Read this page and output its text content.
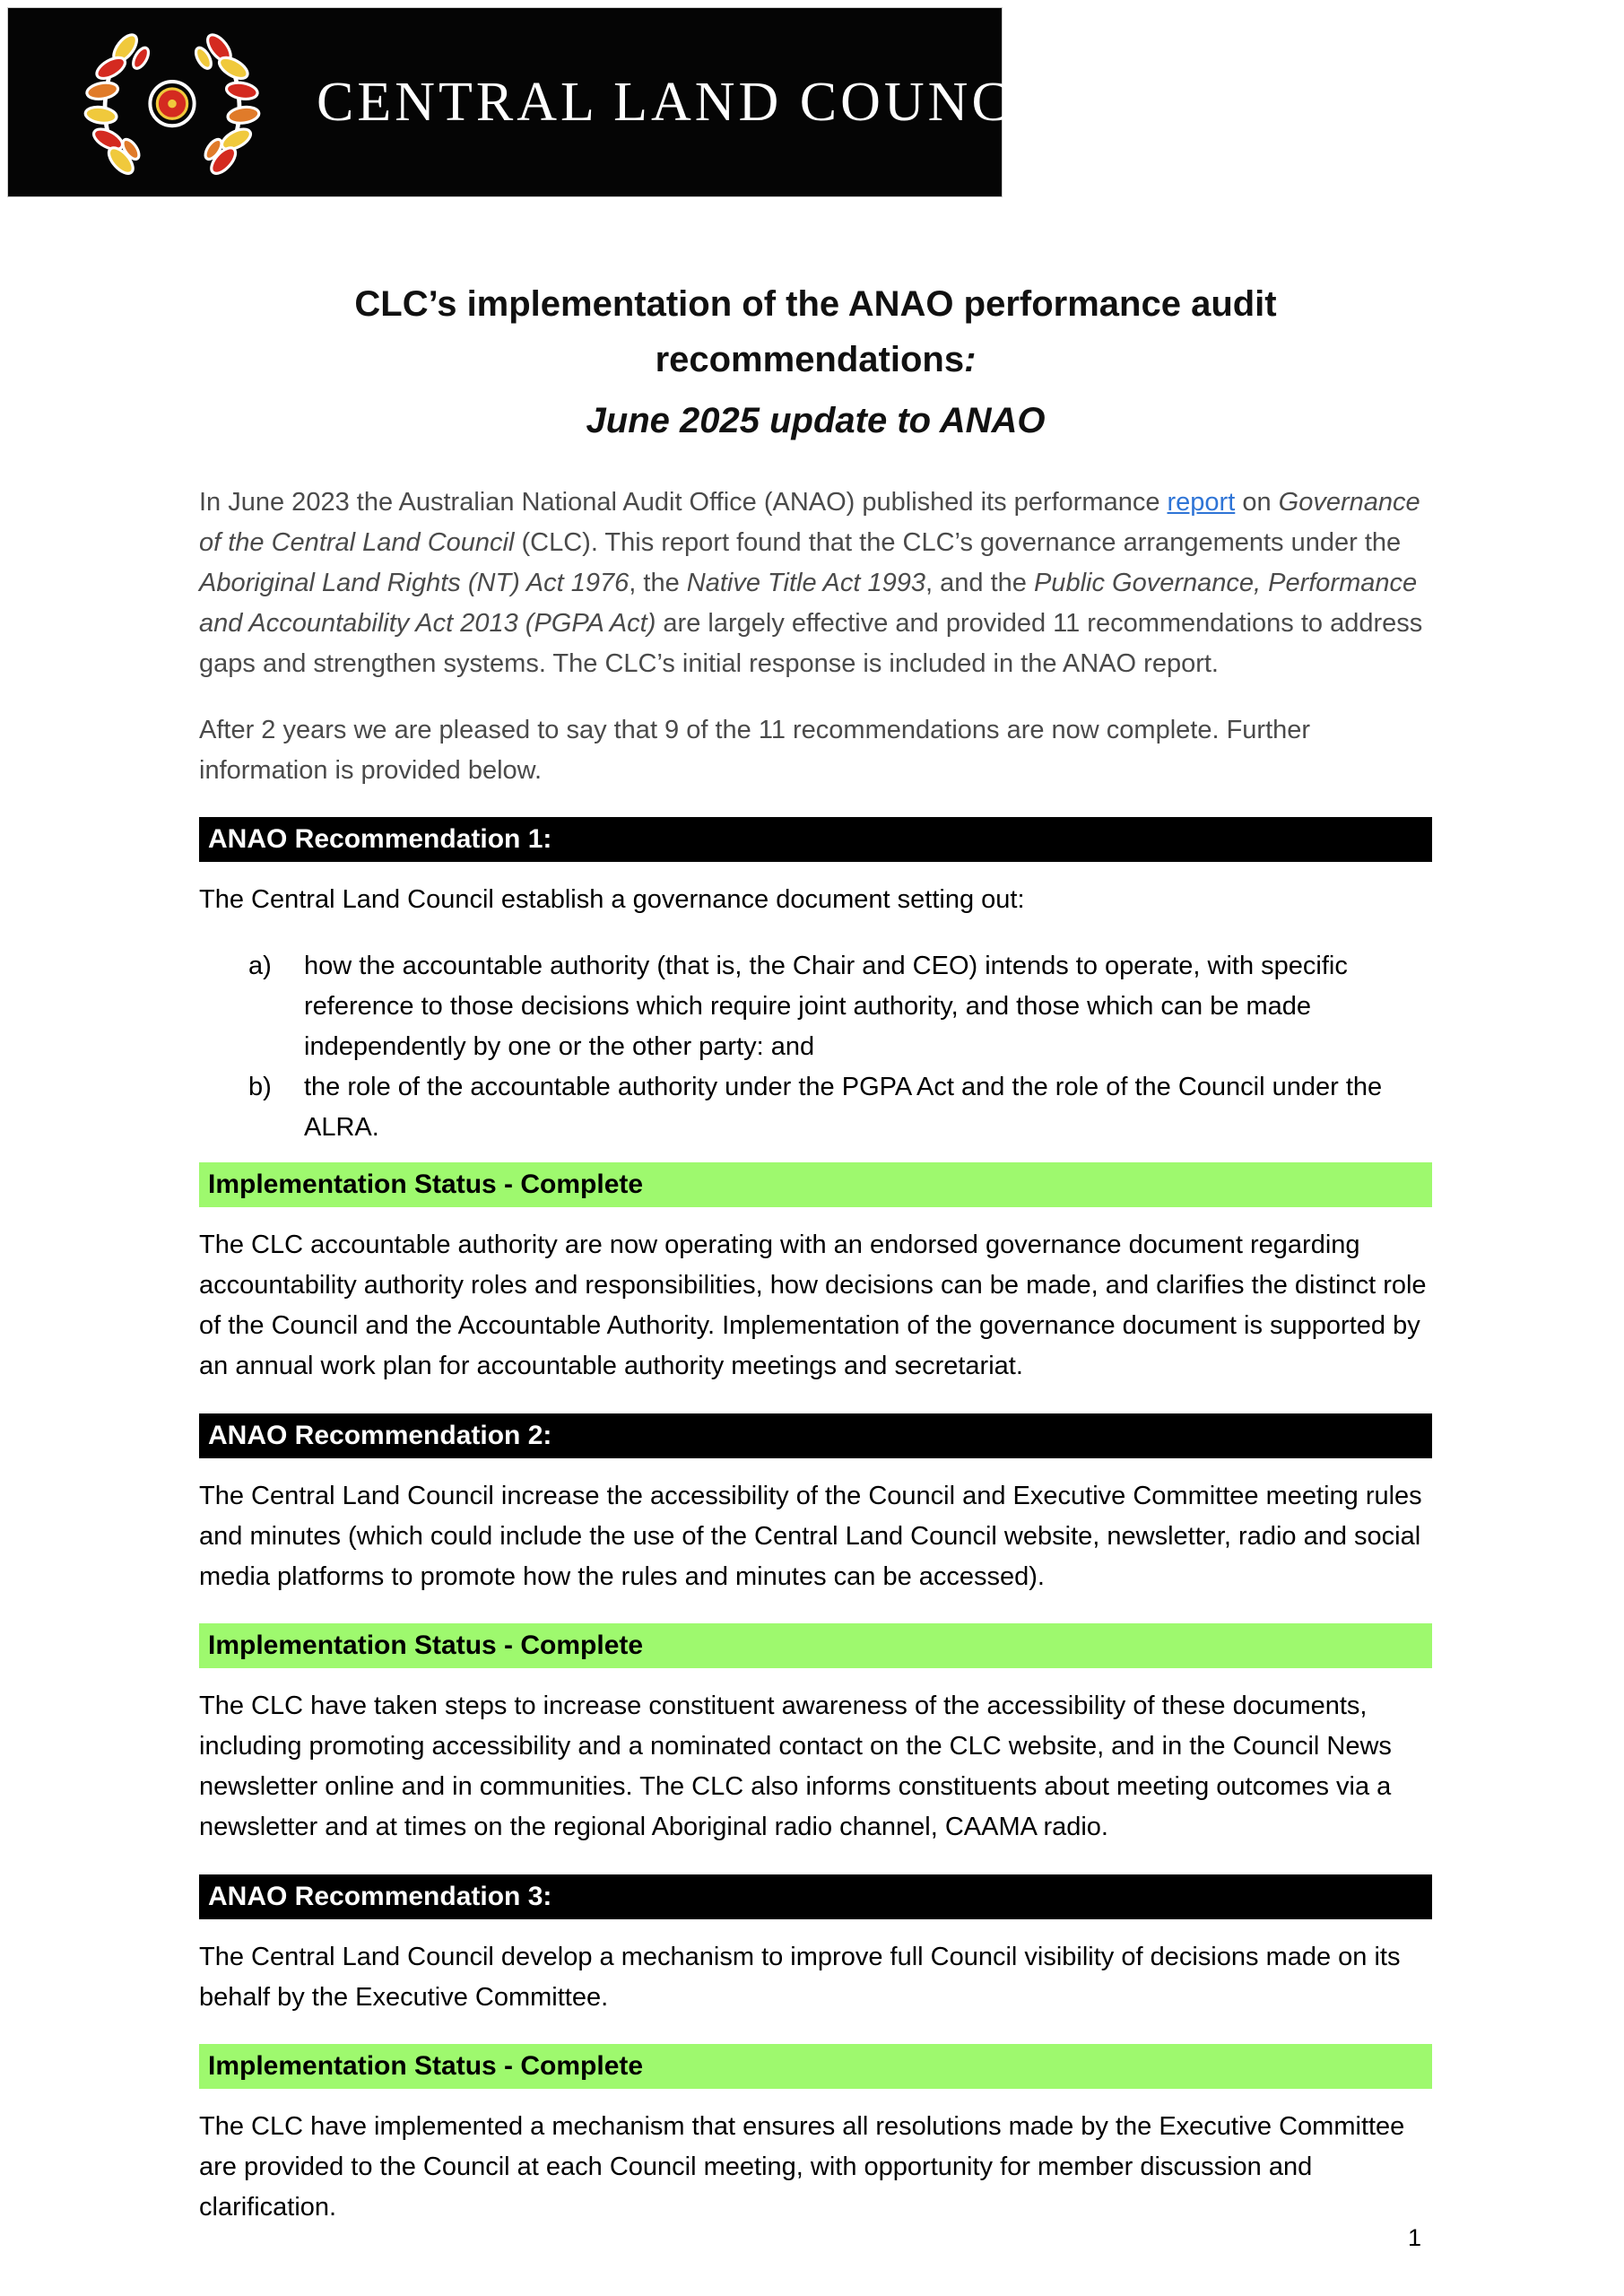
CENTRAL LAND COUNCIL
CLC’s implementation of the ANAO performance audit recommendations:
June 2025 update to ANAO

In June 2023 the Australian National Audit Office (ANAO) published its performance report on Governance of the Central Land Council (CLC). This report found that the CLC’s governance arrangements under the Aboriginal Land Rights (NT) Act 1976, the Native Title Act 1993, and the Public Governance, Performance and Accountability Act 2013 (PGPA Act) are largely effective and provided 11 recommendations to address gaps and strengthen systems. The CLC’s initial response is included in the ANAO report.

After 2 years we are pleased to say that 9 of the 11 recommendations are now complete. Further information is provided below.

ANAO Recommendation 1:

The Central Land Council establish a governance document setting out:

a)	how the accountable authority (that is, the Chair and CEO) intends to operate, with specific reference to those decisions which require joint authority, and those which can be made independently by one or the other party: and
b)	the role of the accountable authority under the PGPA Act and the role of the Council under the ALRA.
Implementation Status - Complete

The CLC accountable authority are now operating with an endorsed governance document regarding accountability authority roles and responsibilities, how decisions can be made, and clarifies the distinct role of the Council and the Accountable Authority. Implementation of the governance document is supported by an annual work plan for accountable authority meetings and secretariat.

ANAO Recommendation 2:

The Central Land Council increase the accessibility of the Council and Executive Committee meeting rules and minutes (which could include the use of the Central Land Council website, newsletter, radio and social media platforms to promote how the rules and minutes can be accessed).

Implementation Status - Complete

The CLC have taken steps to increase constituent awareness of the accessibility of these documents, including promoting accessibility and a nominated contact on the CLC website, and in the Council News newsletter online and in communities. The CLC also informs constituents about meeting outcomes via a newsletter and at times on the regional Aboriginal radio channel, CAAMA radio.

ANAO Recommendation 3:

The Central Land Council develop a mechanism to improve full Council visibility of decisions made on its behalf by the Executive Committee.

Implementation Status - Complete

The CLC have implemented a mechanism that ensures all resolutions made by the Executive Committee are provided to the Council at each Council meeting, with opportunity for member discussion and clarification.

1
